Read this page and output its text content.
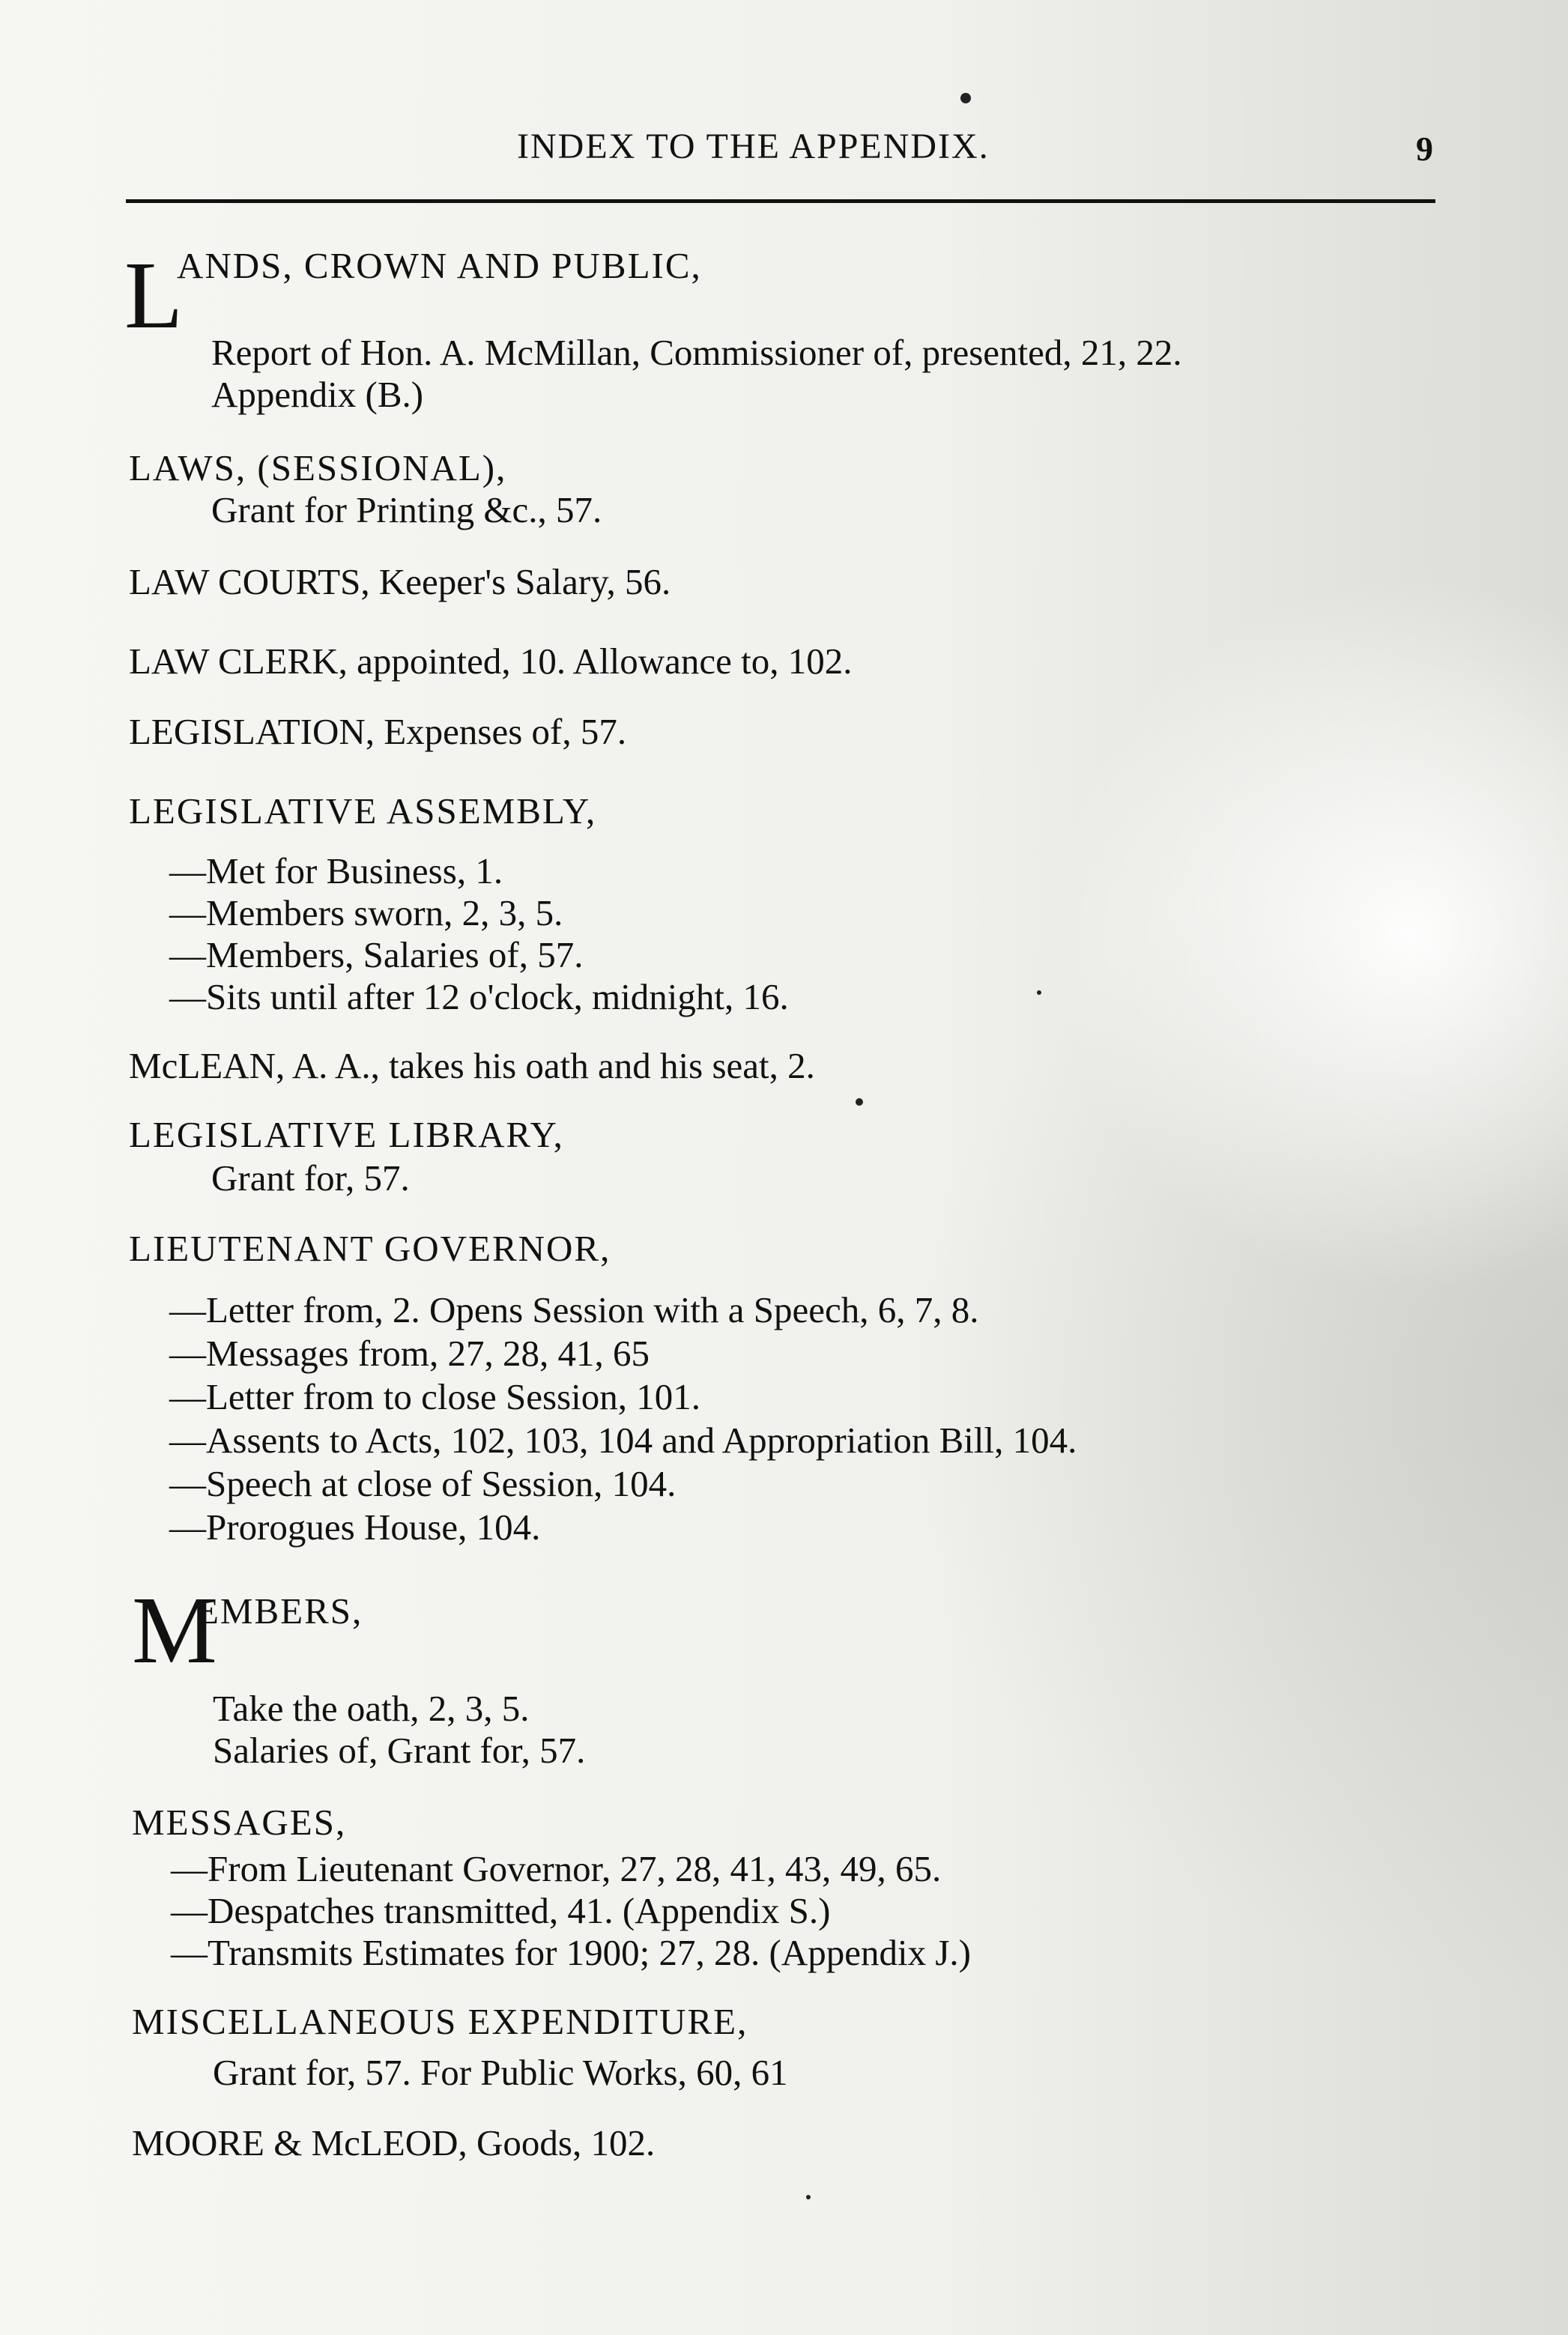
INDEX TO THE APPENDIX.	9
L
ANDS, CROWN AND PUBLIC,
Report of Hon. A. McMillan, Commissioner of, presented, 21, 22.
Appendix (B.)
LAWS, (SESSIONAL),
Grant for Printing &c., 57.
LAW COURTS, Keeper's Salary, 56.
LAW CLERK, appointed, 10. Allowance to, 102.
LEGISLATION, Expenses of, 57.
LEGISLATIVE ASSEMBLY,
—Met for Business, 1.
—Members sworn, 2, 3, 5.
—Members, Salaries of, 57.
—Sits until after 12 o'clock, midnight, 16.
McLEAN, A. A., takes his oath and his seat, 2.
LEGISLATIVE LIBRARY,
Grant for, 57.
LIEUTENANT GOVERNOR,
—Letter from, 2. Opens Session with a Speech, 6, 7, 8.
—Messages from, 27, 28, 41, 65
—Letter from to close Session, 101.
—Assents to Acts, 102, 103, 104 and Appropriation Bill, 104.
—Speech at close of Session, 104.
—Prorogues House, 104.
M
EMBERS,
Take the oath, 2, 3, 5.
Salaries of, Grant for, 57.
MESSAGES,
—From Lieutenant Governor, 27, 28, 41, 43, 49, 65.
—Despatches transmitted, 41. (Appendix S.)
—Transmits Estimates for 1900; 27, 28. (Appendix J.)
MISCELLANEOUS EXPENDITURE,
Grant for, 57. For Public Works, 60, 61
MOORE & McLEOD, Goods, 102.
